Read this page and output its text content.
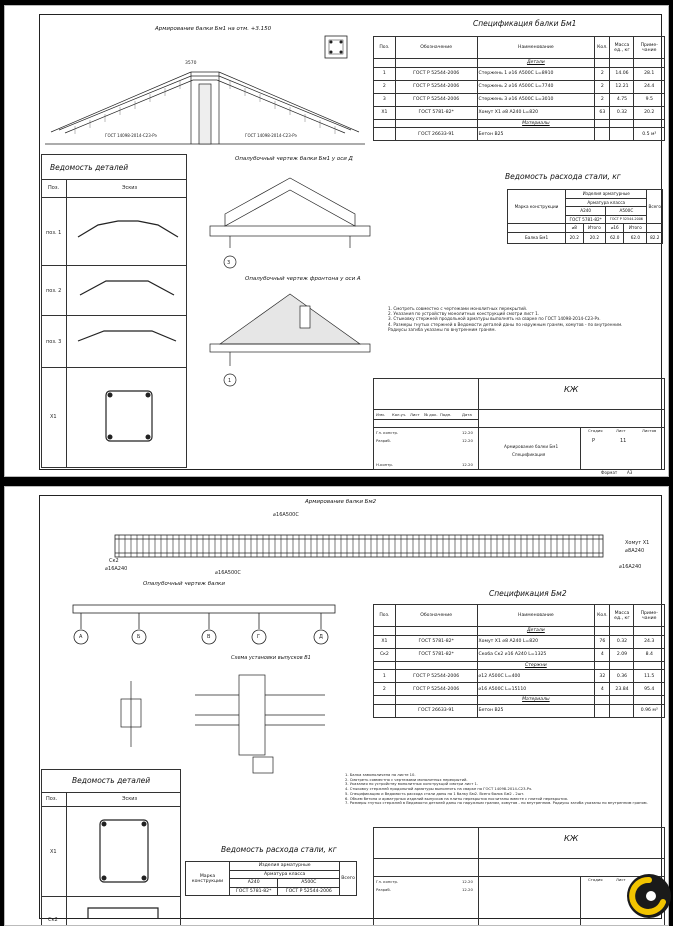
Армирование балки Бм1 на отм. +3.150
3570
ГОСТ 14098-2014-С23-Рэ	ГОСТ 14098-2014-С23-Рэ
Спецификация балки Бм1
Поз.	Обозначение	Наименование	Кол.	Масса ед., кг	Приме-чание
		Детали			
1	ГОСТ Р 52544-2006	Стержень 1 ⌀16 А500С L=8910	2	14.06	28.1
2	ГОСТ Р 52544-2006	Стержень 2 ⌀16 А500С L=7740	2	12.21	24.4
3	ГОСТ Р 52544-2006	Стержень 3 ⌀16 А500С L=3010	2	4.75	9.5
Х1	ГОСТ 5781-82*	Хомут Х1 ⌀8 А240 L=820	63	0.32	20.2
		Материалы			
	ГОСТ 26633-91	Бетон В25			0.5 м³
Ведомость расхода стали, кг
Марка конструкции	Изделия арматурные				Всего
	Арматура класса				
	А240		А500С		
	ГОСТ 5781-82*		ГОСТ Р 52544-2006		
	⌀8	Итого	⌀16	Итого	
Балка Бм1	20.2	20.2	62.0	62.0	82.2
Опалубочный чертеж балки Бм1 у оси Д
3
Опалубочный чертеж фронтона у оси А
1
1. Смотреть совместно с чертежами монолитных перекрытий.
2. Указания по устройству монолитных конструкций смотри лист 1.
3. Стыковку стержней продольной арматуры выполнять на сварке по ГОСТ 14098-2014-С23-Рэ.
4. Размеры гнутых стержней в Ведомости деталей даны по наружным граням, хомутов - по внутренним.
Радиусы загиба указаны по внутренним граням.
Ведомость деталей
Поз.	Эскиз
поз. 1
поз. 2
поз. 3
Х1
КЖ
Изм. Кол.уч. Лист № док. Подп.	Дата
Гл. констр.
Разраб.
Н.контр.
12.20
12.20
12.20
Армирование балки Бм1
Спецификация
Стадия	Лист	Листов
Р	11
Формат А3
Армирование балки Бм2
⌀16А500С
⌀16А500С
Хомут Х1
⌀8А240
⌀16А240
Ск2
⌀16А240
Опалубочный чертеж балки
А	Б	В	Г	Д
Схема установки выпусков В1
Спецификация Бм2
Поз.	Обозначение	Наименование	Кол.	Масса ед., кг	Приме-чание
		Детали			
Х1	ГОСТ 5781-82*	Хомут Х1 ⌀8 А240 L=820	76	0.32	24.3
Ск2	ГОСТ 5781-82*	Скоба Ск2 ⌀16 А240 L=1325	4	2.09	8.4
		Стержни			
1	ГОСТ Р 52544-2006	⌀12 А500С L=400	32	0.36	11.5
2	ГОСТ Р 52544-2006	⌀16 А500С L=15110	4	23.84	95.4
		Материалы			
	ГОСТ 26633-91	Бетон В25			0.96 м³
1. Балка замоноличена на листе 10.
2. Смотреть совместно с чертежами монолитных перекрытий.
3. Указания по устройству монолитных конструкций смотри лист 1.
4. Стыковку стержней продольной арматуры выполнять на сварке по ГОСТ 14098-2014-С23-Рэ.
5. Спецификацию и Ведомость расхода стали даны на 1 балку Бм2. Всего балок Бм2 - 2шт.
6. Объем бетона и арматурных изделий выпусков на плиты перекрытия посчитаны вместе с плитой перекрытия.
7. Размеры гнутых стержней в Ведомости деталей даны по наружным граням, хомутов - по внутренним. Радиусы загиба указаны по внутренним граням.
Ведомость деталей
Поз.	Эскиз
Х1
Ск2
Ведомость расхода стали, кг
Марка конструкции	Изделия арматурные		Всего
	Арматура класса		
	А240	А500С	
	ГОСТ 5781-82*	ГОСТ Р 52544-2006	
КЖ
Гл. констр.
Разраб.
12.20
12.20
Стадия	Лист
